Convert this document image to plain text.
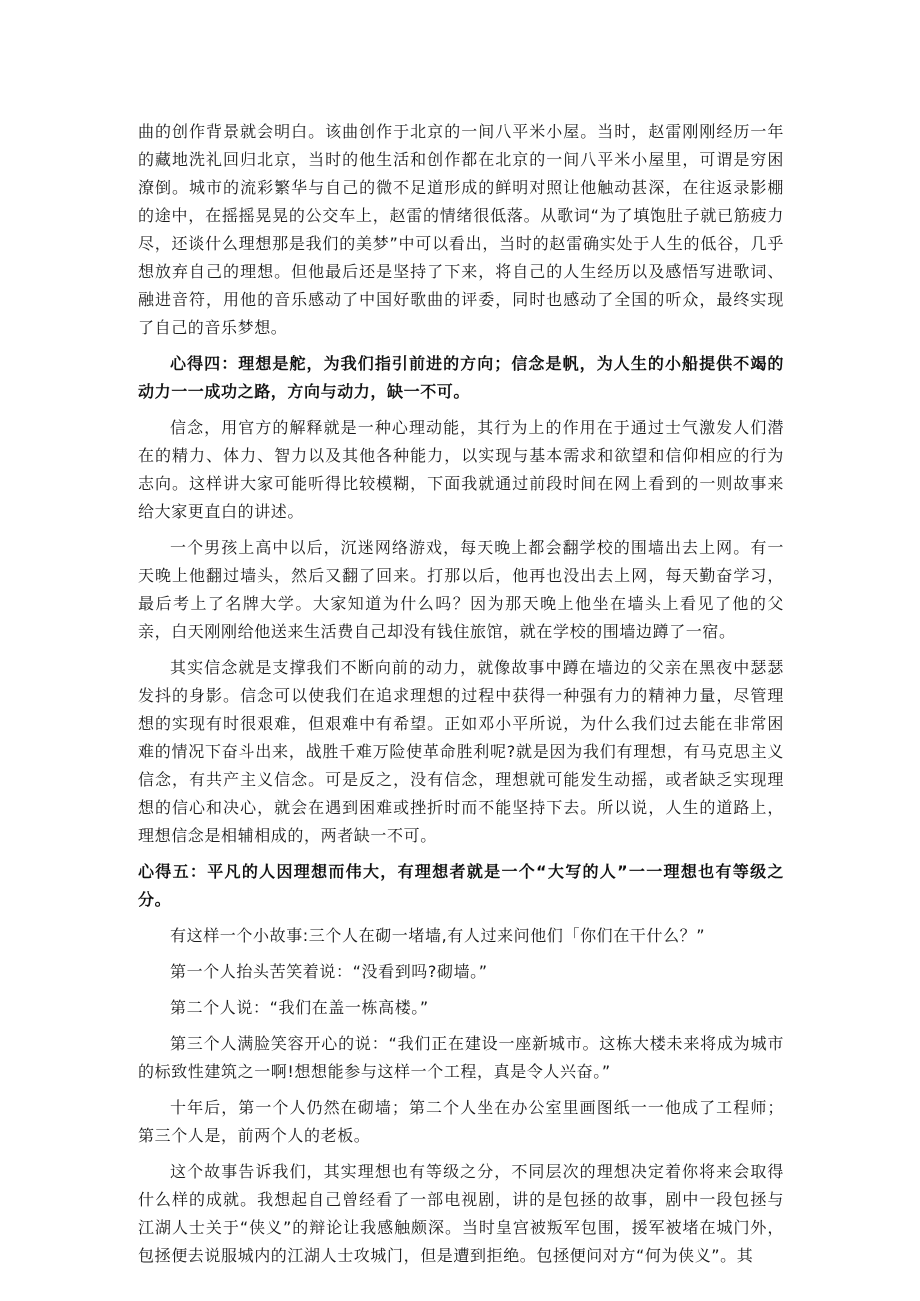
曲的创作背景就会明白。该曲创作于北京的一间八平米小屋。当时，赵雷刚刚经历一年的藏地洗礼回归北京，当时的他生活和创作都在北京的一间八平米小屋里，可谓是穷困潦倒。城市的流彩繁华与自己的微不足道形成的鲜明对照让他触动甚深，在往返录影棚的途中，在摇摇晃晃的公交车上，赵雷的情绪很低落。从歌词“为了填饱肚子就已筋疲力尽，还谈什么理想那是我们的美梦”中可以看出，当时的赵雷确实处于人生的低谷，几乎想放弃自己的理想。但他最后还是坚持了下来，将自己的人生经历以及感悟写进歌词、融进音符，用他的音乐感动了中国好歌曲的评委，同时也感动了全国的听众，最终实现了自己的音乐梦想。

心得四：理想是舵，为我们指引前进的方向；信念是帆，为人生的小船提供不竭的动力一一成功之路，方向与动力，缺一不可。

信念，用官方的解释就是一种心理动能，其行为上的作用在于通过士气激发人们潜在的精力、体力、智力以及其他各种能力，以实现与基本需求和欲望和信仰相应的行为志向。这样讲大家可能听得比较模糊，下面我就通过前段时间在网上看到的一则故事来给大家更直白的讲述。

一个男孩上高中以后，沉迷网络游戏，每天晚上都会翻学校的围墙出去上网。有一天晚上他翻过墙头，然后又翻了回来。打那以后，他再也没出去上网，每天勤奋学习，最后考上了名牌大学。大家知道为什么吗？因为那天晚上他坐在墙头上看见了他的父亲，白天刚刚给他送来生活费自己却没有钱住旅馆，就在学校的围墙边蹲了一宿。

其实信念就是支撑我们不断向前的动力，就像故事中蹲在墙边的父亲在黑夜中瑟瑟发抖的身影。信念可以使我们在追求理想的过程中获得一种强有力的精神力量，尽管理想的实现有时很艰难，但艰难中有希望。正如邓小平所说，为什么我们过去能在非常困难的情况下奋斗出来，战胜千难万险使革命胜利呢?就是因为我们有理想，有马克思主义信念，有共产主义信念。可是反之，没有信念，理想就可能发生动摇，或者缺乏实现理想的信心和决心，就会在遇到困难或挫折时而不能坚持下去。所以说，人生的道路上，理想信念是相辅相成的，两者缺一不可。

心得五：平凡的人因理想而伟大，有理想者就是一个“大写的人”一一理想也有等级之分。

有这样一个小故事:三个人在砌一堵墙,有人过来问他们「你们在干什么？”

第一个人抬头苦笑着说：“没看到吗?砌墙。”

第二个人说：“我们在盖一栋高楼。”

第三个人满脸笑容开心的说：“我们正在建设一座新城市。这栋大楼未来将成为城市的标致性建筑之一啊!想想能参与这样一个工程，真是令人兴奋。”

十年后，第一个人仍然在砌墙；第二个人坐在办公室里画图纸一一他成了工程师；第三个人是，前两个人的老板。

这个故事告诉我们，其实理想也有等级之分，不同层次的理想决定着你将来会取得什么样的成就。我想起自己曾经看了一部电视剧，讲的是包拯的故事，剧中一段包拯与江湖人士关于“侠义”的辩论让我感触颇深。当时皇宫被叛军包围，援军被堵在城门外，包拯便去说服城内的江湖人士攻城门，但是遭到拒绝。包拯便问对方“何为侠义”。其
